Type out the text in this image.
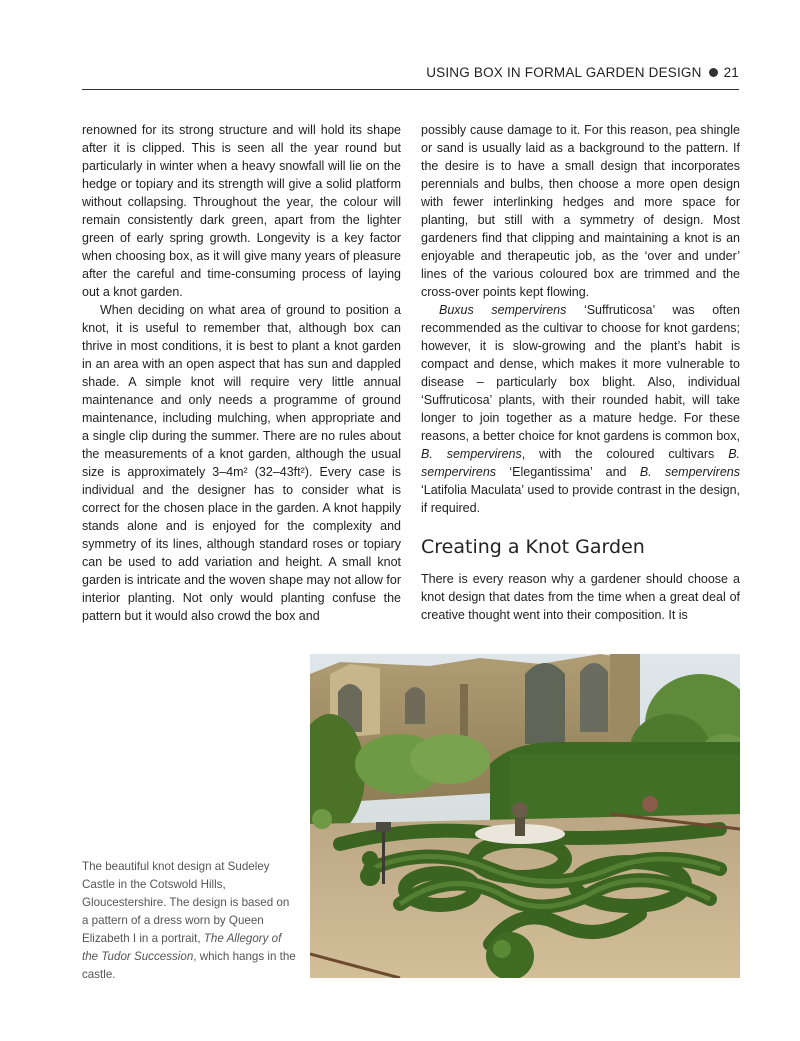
USING BOX IN FORMAL GARDEN DESIGN 21

renowned for its strong structure and will hold its shape after it is clipped. This is seen all the year round but particularly in winter when a heavy snowfall will lie on the hedge or topiary and its strength will give a solid platform without collapsing. Throughout the year, the colour will remain consistently dark green, apart from the lighter green of early spring growth. Longevity is a key factor when choosing box, as it will give many years of pleasure after the careful and time-consuming process of laying out a knot garden.

When deciding on what area of ground to position a knot, it is useful to remember that, although box can thrive in most conditions, it is best to plant a knot garden in an area with an open aspect that has sun and dappled shade. A simple knot will require very little annual maintenance and only needs a programme of ground maintenance, including mulching, when appropriate and a single clip during the summer. There are no rules about the measurements of a knot garden, although the usual size is approximately 3–4m² (32–43ft²). Every case is individual and the designer has to consider what is correct for the chosen place in the garden. A knot happily stands alone and is enjoyed for the complexity and symmetry of its lines, although standard roses or topiary can be used to add variation and height. A small knot garden is intricate and the woven shape may not allow for interior planting. Not only would planting confuse the pattern but it would also crowd the box and

possibly cause damage to it. For this reason, pea shingle or sand is usually laid as a background to the pattern. If the desire is to have a small design that incorporates perennials and bulbs, then choose a more open design with fewer interlinking hedges and more space for planting, but still with a symmetry of design. Most gardeners find that clipping and maintaining a knot is an enjoyable and therapeutic job, as the ‘over and under’ lines of the various coloured box are trimmed and the cross-over points kept flowing.

Buxus sempervirens ‘Suffruticosa’ was often recommended as the cultivar to choose for knot gardens; however, it is slow-growing and the plant’s habit is compact and dense, which makes it more vulnerable to disease – particularly box blight. Also, individual ‘Suffruticosa’ plants, with their rounded habit, will take longer to join together as a mature hedge. For these reasons, a better choice for knot gardens is common box, B. sempervirens, with the coloured cultivars B. sempervirens ‘Elegantissima’ and B. sempervirens ‘Latifolia Maculata’ used to provide contrast in the design, if required.

Creating a Knot Garden

There is every reason why a gardener should choose a knot design that dates from the time when a great deal of creative thought went into their composition. It is

The beautiful knot design at Sudeley Castle in the Cotswold Hills, Gloucestershire. The design is based on a pattern of a dress worn by Queen Elizabeth I in a portrait, The Allegory of the Tudor Succession, which hangs in the castle.
